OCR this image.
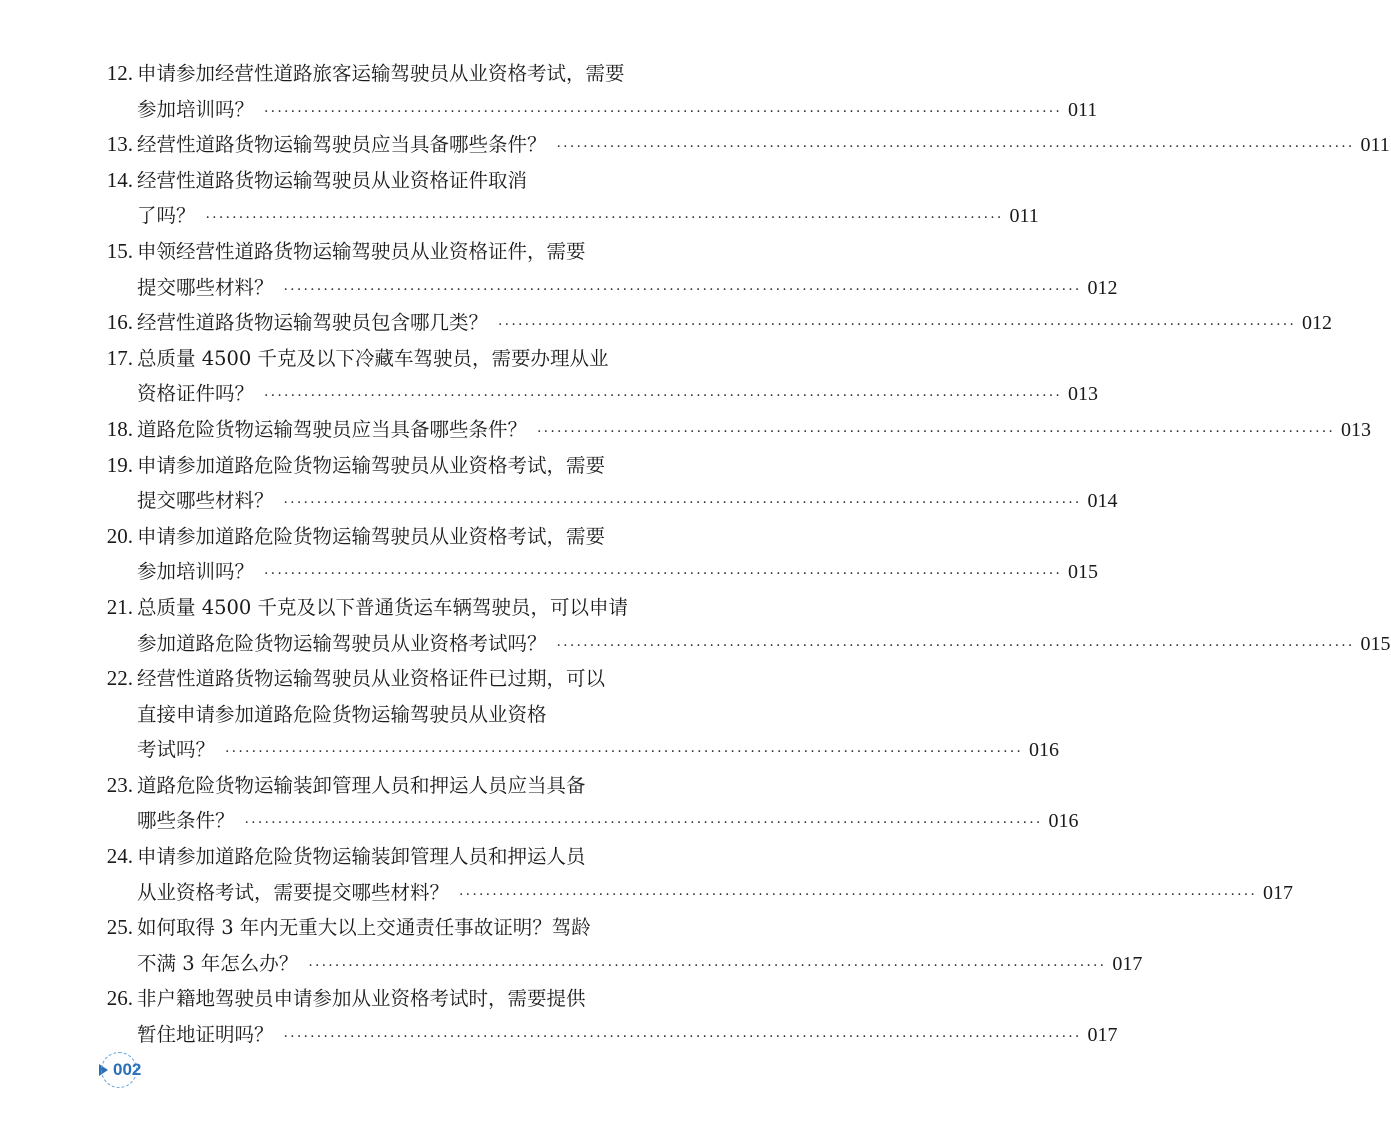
12. 申请参加经营性道路旅客运输驾驶员从业资格考试，需要
参加培训吗？ ························································································································ 011
13. 经营性道路货物运输驾驶员应当具备哪些条件？ ························································································································ 011
14. 经营性道路货物运输驾驶员从业资格证件取消
了吗？ ························································································································ 011
15. 申领经营性道路货物运输驾驶员从业资格证件，需要
提交哪些材料？ ························································································································ 012
16. 经营性道路货物运输驾驶员包含哪几类？ ························································································································ 012
17. 总质量 4500 千克及以下冷藏车驾驶员，需要办理从业
资格证件吗？ ························································································································ 013
18. 道路危险货物运输驾驶员应当具备哪些条件？ ························································································································ 013
19. 申请参加道路危险货物运输驾驶员从业资格考试，需要
提交哪些材料？ ························································································································ 014
20. 申请参加道路危险货物运输驾驶员从业资格考试，需要
参加培训吗？ ························································································································ 015
21. 总质量 4500 千克及以下普通货运车辆驾驶员，可以申请
参加道路危险货物运输驾驶员从业资格考试吗？ ························································································································ 015
22. 经营性道路货物运输驾驶员从业资格证件已过期，可以
直接申请参加道路危险货物运输驾驶员从业资格
考试吗？ ························································································································ 016
23. 道路危险货物运输装卸管理人员和押运人员应当具备
哪些条件？ ························································································································ 016
24. 申请参加道路危险货物运输装卸管理人员和押运人员
从业资格考试，需要提交哪些材料？ ························································································································ 017
25. 如何取得 3 年内无重大以上交通责任事故证明？驾龄
不满 3 年怎么办？ ························································································································ 017
26. 非户籍地驾驶员申请参加从业资格考试时，需要提供
暂住地证明吗？ ························································································································ 017
002
